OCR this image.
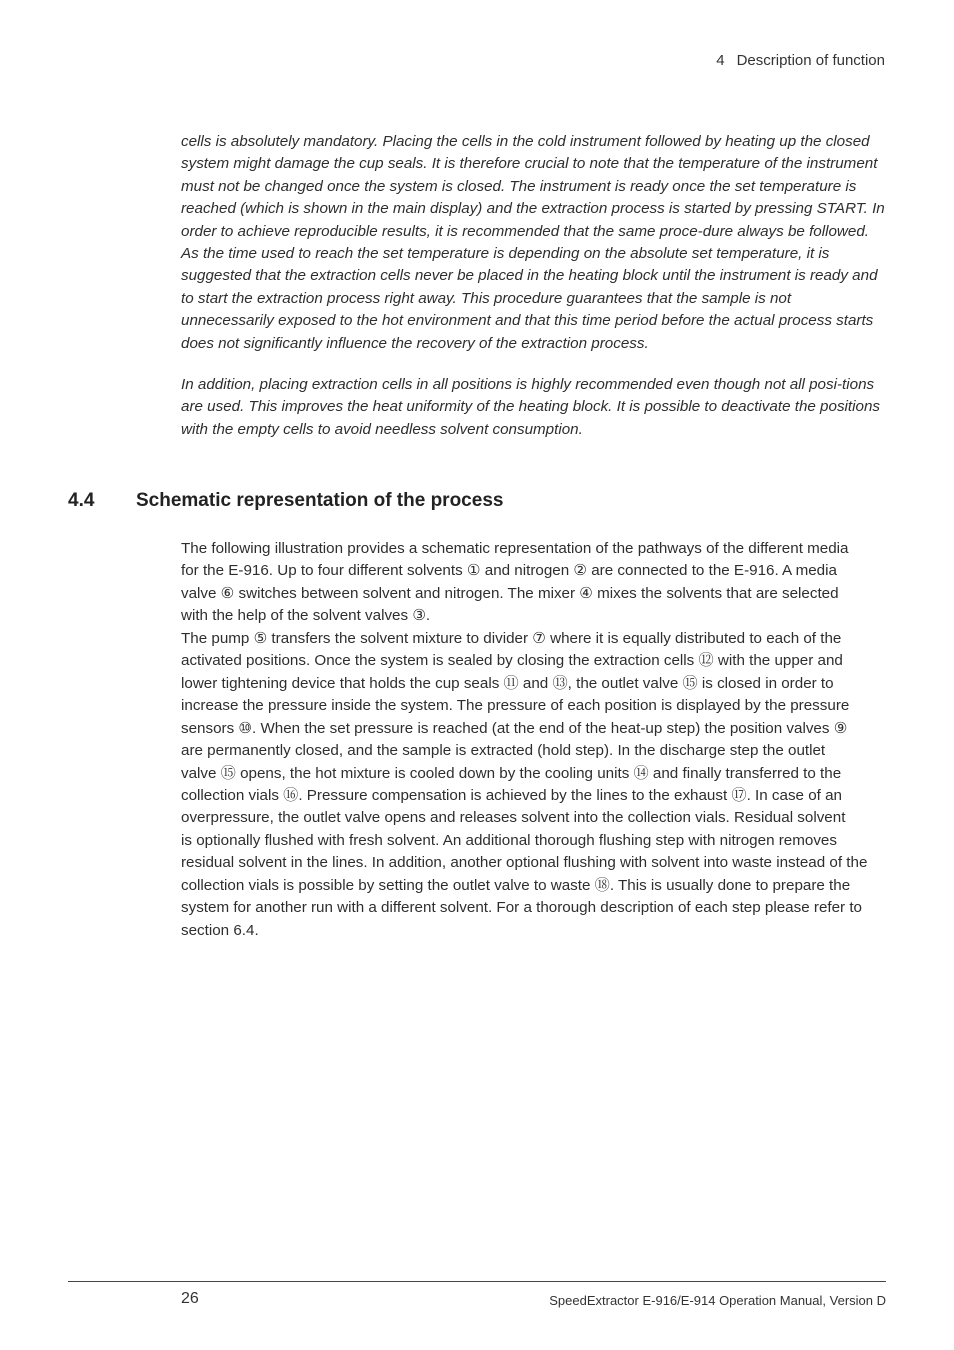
4 Description of function

cells is absolutely mandatory. Placing the cells in the cold instrument followed by heating up the closed system might damage the cup seals. It is therefore crucial to note that the temperature of the instrument must not be changed once the system is closed. The instrument is ready once the set temperature is reached (which is shown in the main display) and the extraction process is started by pressing START. In order to achieve reproducible results, it is recommended that the same proce-dure always be followed. As the time used to reach the set temperature is depending on the absolute set temperature, it is suggested that the extraction cells never be placed in the heating block until the instrument is ready and to start the extraction process right away. This procedure guarantees that the sample is not unnecessarily exposed to the hot environment and that this time period before the actual process starts does not significantly influence the recovery of the extraction process.

In addition, placing extraction cells in all positions is highly recommended even though not all posi-tions are used. This improves the heat uniformity of the heating block. It is possible to deactivate the positions with the empty cells to avoid needless solvent consumption.

4.4 Schematic representation of the process
The following illustration provides a schematic representation of the pathways of the different media
for the E-916. Up to four different solvents ① and nitrogen ② are connected to the E-916. A media
valve ⑥ switches between solvent and nitrogen. The mixer ④ mixes the solvents that are selected
with the help of the solvent valves ③.
The pump ⑤ transfers the solvent mixture to divider ⑦ where it is equally distributed to each of the
activated positions. Once the system is sealed by closing the extraction cells ⑫ with the upper and
lower tightening device that holds the cup seals ⑪ and ⑬, the outlet valve ⑮ is closed in order to
increase the pressure inside the system. The pressure of each position is displayed by the pressure
sensors ⑩. When the set pressure is reached (at the end of the heat-up step) the position valves ⑨
are permanently closed, and the sample is extracted (hold step). In the discharge step the outlet
valve ⑮ opens, the hot mixture is cooled down by the cooling units ⑭ and finally transferred to the
collection vials ⑯. Pressure compensation is achieved by the lines to the exhaust ⑰. In case of an
overpressure, the outlet valve opens and releases solvent into the collection vials. Residual solvent
is optionally flushed with fresh solvent. An additional thorough flushing step with nitrogen removes
residual solvent in the lines. In addition, another optional flushing with solvent into waste instead of the
collection vials is possible by setting the outlet valve to waste ⑱. This is usually done to prepare the
system for another run with a different solvent. For a thorough description of each step please refer to
section 6.4.
26	SpeedExtractor E-916/E-914 Operation Manual, Version D
